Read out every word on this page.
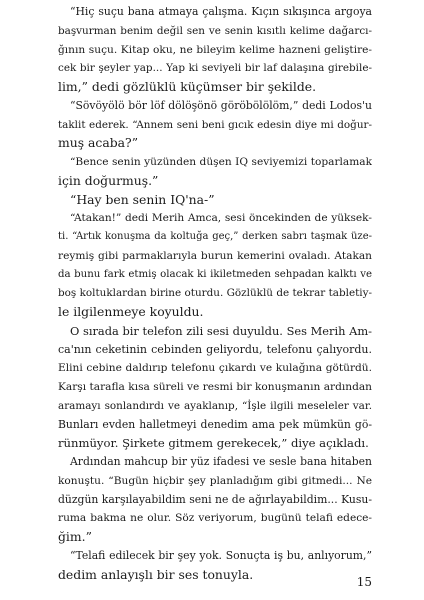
“Hiç suçu bana atmaya çalışma. Kıçın sıkışınca argoya
başvurman benim değil sen ve senin kısıtlı kelime dağarcı-
ğının suçu. Kitap oku, ne bileyim kelime hazneni geliştire-
cek bir şeyler yap... Yap ki seviyeli bir laf dalaşına girebile-
lim,” dedi gözlüklü küçümser bir şekilde.
“Sövöyölö bör löf dölöşönö göröbölölöm,” dedi Lodos'u
taklit ederek. “Annem seni beni gıcık edesin diye mi doğur-
muş acaba?”
“Bence senin yüzünden düşen IQ seviyemizi toparlamak
için doğurmuş.”
“Hay ben senin IQ'na-”
“Atakan!” dedi Merih Amca, sesi öncekinden de yüksek-
ti. “Artık konuşma da koltuğa geç,” derken sabrı taşmak üze-
reymiş gibi parmaklarıyla burun kemerini ovaladı. Atakan
da bunu fark etmiş olacak ki ikiletmeden sehpadan kalktı ve
boş koltuklardan birine oturdu. Gözlüklü de tekrar tabletiy-
le ilgilenmeye koyuldu.
O sırada bir telefon zili sesi duyuldu. Ses Merih Am-
ca'nın ceketinin cebinden geliyordu, telefonu çalıyordu.
Elini cebine daldırıp telefonu çıkardı ve kulağına götürdü.
Karşı tarafla kısa süreli ve resmi bir konuşmanın ardından
aramayı sonlandırdı ve ayaklanıp, “İşle ilgili meseleler var.
Bunları evden halletmeyi denedim ama pek mümkün gö-
rünmüyor. Şirkete gitmem gerekecek,” diye açıkladı.
Ardından mahcup bir yüz ifadesi ve sesle bana hitaben
konuştu. “Bugün hiçbir şey planladığım gibi gitmedi... Ne
düzgün karşılayabildim seni ne de ağırlayabildim... Kusu-
ruma bakma ne olur. Söz veriyorum, bugünü telafi edece-
ğim.”
“Telafi edilecek bir şey yok. Sonuçta iş bu, anlıyorum,”
dedim anlayışlı bir ses tonuyla.
15
